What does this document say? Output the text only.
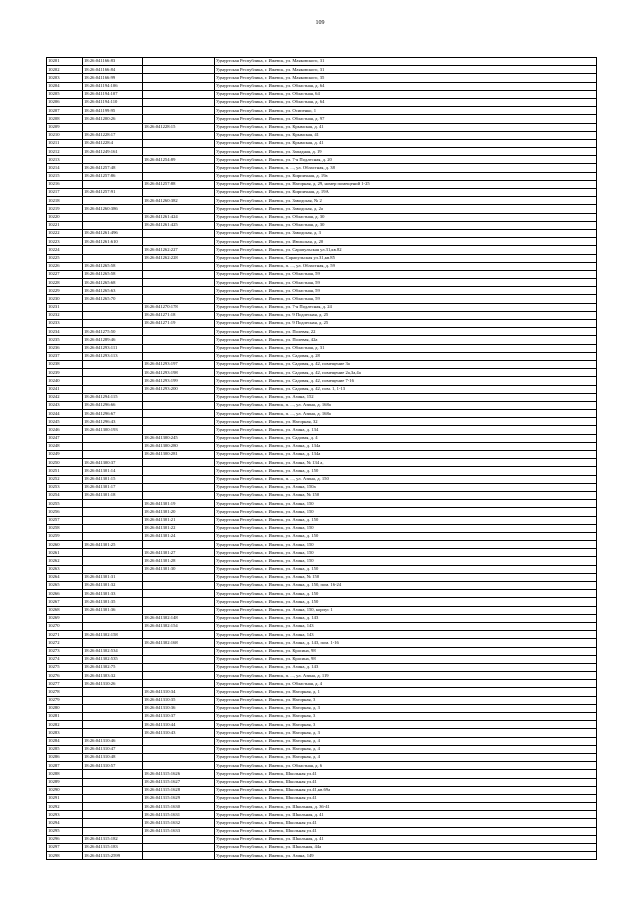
109
10201	18:26:041166:83		Удмуртская Республика, г. Ижевск, ул. Маяковского, 31
10202	18:26:041166:84		Удмуртская Республика, г. Ижевск, ул. Маяковского, 31
10203	18:26:041166:99		Удмуртская Республика, г. Ижевск, ул. Маяковского, 35
10204	18:26:041194:106		Удмуртская Республика, г. Ижевск, ул. Областная, д. 64
10205	18:26:041194:107		Удмуртская Республика, г. Ижевск, ул. Областная, 64
10206	18:26:041194:110		Удмуртская Республика, г. Ижевск, ул. Областная, д. 64
10207	18:26:041199:95		Удмуртская Республика, г. Ижевск, ул. Осипенко, 1
10208	18:26:041200:26		Удмуртская Республика, г. Ижевск, ул. Областная, д. 97
10209		18:26:041228:15	Удмуртская Республика, г. Ижевск, ул. Крымская, д. 41
10210	18:26:041228:17		Удмуртская Республика, г. Ижевск, ул. Крымская, 41
10211	18:26:041228:4		Удмуртская Республика, г. Ижевск, ул. Крымская, д. 41
10212	18:26:041249:161		Удмуртская Республика, г. Ижевск, ул. Западная, д. 19
10213		18:26:041254:89	Удмуртская Республика, г. Ижевск, ул. 7-я Подлесная, д. 20
10214	18:26:041257:48		Удмуртская Республика, г. Ижевск, п. ..., ул. Областная, д. 38
10215	18:26:041257:86		Удмуртская Республика, г. Ижевск, ул. Кирпичная, д. 19а
10216		18:26:041257:88	Удмуртская Республика, г. Ижевск, ул. Нагорная, д. 29, номер помещений 1-25
10217	18:26:041257:91		Удмуртская Республика, г. Ижевск, ул. Кирпичная, д. 19А
10218		18:26:041260:382	Удмуртская Республика, г. Ижевск, ул. Заводская, № 2
10219	18:26:041260:386		Удмуртская Республика, г. Ижевск, ул. Заводская, д. 2а
10220		18:26:041261:424	Удмуртская Республика, г. Ижевск, ул. Областная, д. 30
10221		18:26:041261:425	Удмуртская Республика, г. Ижевск, ул. Областная, д. 30
10222	18:26:041261:496		Удмуртская Республика, г. Ижевск, ул. Заводская, д. 3
10223	18:26:041261:610		Удмуртская Республика, г. Ижевск, ул. Июльская, д. 20
10224		18:26:041262:227	Удмуртская Республика, г. Ижевск, ул. Сарапульская ул.31,кв.82
10225		18:26:041262:228	Удмуртская Республика, г. Ижевск, Сарапульская ул.31,кв.85
10226	18:26:041265:58		Удмуртская Республика, г. Ижевск, п. ..., ул. Областная, д. 59
10227	18:26:041265:58		Удмуртская Республика, г. Ижевск, ул. Областная, 59
10228	18:26:041265:68		Удмуртская Республика, г. Ижевск, ул. Областная, 59
10229	18:26:041265:63		Удмуртская Республика, г. Ижевск, ул. Областная, 59
10230	18:26:041265:70		Удмуртская Республика, г. Ижевск, ул. Областная, 59
10231		18:26:041270:178	Удмуртская Республика, г. Ижевск, ул. 7-я Подлесная, д. 24
10232		18:26:041271:18	Удмуртская Республика, г. Ижевск, ул. 9 Подлесная, д. 25
10233		18:26:041271:19	Удмуртская Республика, г. Ижевск, ул. 9 Подлесная, д. 25
10234	18:26:041275:50		Удмуртская Республика, г. Ижевск, ул. Полевая, 22
10235	18:26:041289:46		Удмуртская Республика, г. Ижевск, ул. Полевая, 42а
10236	18:26:041293:111		Удмуртская Республика, г. Ижевск, ул. Областная, д. 31
10237	18:26:041293:113		Удмуртская Республика, г. Ижевск, ул. Садовая, д. 28
10238		18:26:041293:197	Удмуртская Республика, г. Ижевск, ул. Садовая, д. 42, помещение 3а
10239		18:26:041293:198	Удмуртская Республика, г. Ижевск, ул. Садовая, д. 42, помещение 2а,3а,4а
10240		18:26:041293:199	Удмуртская Республика, г. Ижевск, ул. Садовая, д. 42, помещение 7-16
10241		18:26:041293:200	Удмуртская Республика, г. Ижевск, ул. Садовая, д. 42, пом. 1, 1-13
10242	18:26:041294:115		Удмуртская Республика, г. Ижевск, ул. Азина, 152
10243	18:26:041296:66		Удмуртская Республика, г. Ижевск, п. ..., ул. Азина, д. 168а
10244	18:26:041296:67		Удмуртская Республика, г. Ижевск, п. ..., ул. Азина, д. 168а
10245	18:26:041296:43		Удмуртская Республика, г. Ижевск, ул. Нагорная, 32
10246	18:26:041300:193		Удмуртская Республика, г. Ижевск, ул. Азина, д. 134
10247		18:26:041300:245	Удмуртская Республика, г. Ижевск, ул. Садовая, д. 4
10248		18:26:041300:280	Удмуртская Республика, г. Ижевск, ул. Азина, д. 134а
10249		18:26:041300:281	Удмуртская Республика, г. Ижевск, ул. Азина, д. 134а
10250	18:26:041300:37		Удмуртская Республика, г. Ижевск, ул. Азина, № 134 а,
10251	18:26:041301:14		Удмуртская Республика, г. Ижевск, ул. Азина, д. 150
10252	18:26:041301:15		Удмуртская Республика, г. Ижевск, п. ..., ул. Азина, д. 150
10253	18:26:041301:17		Удмуртская Республика, г. Ижевск, ул. Азина, 150а
10254	18:26:041301:18		Удмуртская Республика, г. Ижевск, ул. Азина, № 150
10255		18:26:041301:19	Удмуртская Республика, г. Ижевск, ул. Азина, 150
10256		18:26:041301:20	Удмуртская Республика, г. Ижевск, ул. Азина, 150
10257		18:26:041301:21	Удмуртская Республика, г. Ижевск, ул. Азина, д. 150
10258		18:26:041301:22	Удмуртская Республика, г. Ижевск, ул. Азина, 150
10259		18:26:041301:24	Удмуртская Республика, г. Ижевск, ул. Азина, д. 150
10260	18:26:041301:25		Удмуртская Республика, г. Ижевск, ул. Азина, 150
10261		18:26:041301:27	Удмуртская Республика, г. Ижевск, ул. Азина, 150
10262		18:26:041301:28	Удмуртская Республика, г. Ижевск, ул. Азина, 150
10263		18:26:041301:30	Удмуртская Республика, г. Ижевск, ул. Азина, д. 150
10264	18:26:041301:31		Удмуртская Республика, г. Ижевск, ул. Азина, № 150
10265	18:26:041301:32		Удмуртская Республика, г. Ижевск, ул. Азина, д. 150, пом. 16-24
10266	18:26:041301:33		Удмуртская Республика, г. Ижевск, ул. Азина, д. 150
10267	18:26:041301:35		Удмуртская Республика, г. Ижевск, ул. Азина, д. 150
10268	18:26:041301:36		Удмуртская Республика, г. Ижевск, ул. Азина, 150, корпус 1
10269		18:26:041302:148	Удмуртская Республика, г. Ижевск, ул. Азина, д. 143
10270		18:26:041302:154	Удмуртская Республика, г. Ижевск, ул. Азина, 143
10271	18:26:041302:158		Удмуртская Республика, г. Ижевск, ул. Азина, 143
10272		18:26:041302:168	Удмуртская Республика, г. Ижевск, ул. Азина, д. 143, пом. 1-16
10273	18:26:041302:534		Удмуртская Республика, г. Ижевск, ул. Красина, 98
10274	18:26:041302:535		Удмуртская Республика, г. Ижевск, ул. Красина, 98
10275	18:26:041302:75		Удмуртская Республика, г. Ижевск, ул. Азина, д. 143
10276	18:26:041303:32		Удмуртская Республика, г. Ижевск, п. ..., ул. Азина, д. 119
10277	18:26:041310:26		Удмуртская Республика, г. Ижевск, ул. Областная, д. 4
10278		18:26:041310:34	Удмуртская Республика, г. Ижевск, ул. Нагорная, д. 1
10279		18:26:041310:35	Удмуртская Республика, г. Ижевск, ул. Нагорная, 3
10280		18:26:041310:36	Удмуртская Республика, г. Ижевск, ул. Нагорная, д. 3
10281		18:26:041310:37	Удмуртская Республика, г. Ижевск, ул. Нагорная, 3
10282		18:26:041310:44	Удмуртская Республика, г. Ижевск, ул. Нагорная, 3
10283		18:26:041310:43	Удмуртская Республика, г. Ижевск, ул. Нагорная, д. 3
10284	18:26:041310:46		Удмуртская Республика, г. Ижевск, ул. Нагорная, д. 4
10285	18:26:041310:47		Удмуртская Республика, г. Ижевск, ул. Нагорная, д. 4
10286	18:26:041310:48		Удмуртская Республика, г. Ижевск, ул. Нагорная, д. 4
10287	18:26:041310:57		Удмуртская Республика, г. Ижевск, ул. Областная, д. 6
10288		18:26:041315:1626	Удмуртская Республика, г. Ижевск, Школьная ул.41
10289		18:26:041315:1627	Удмуртская Республика, г. Ижевск, Школьная ул.41
10290		18:26:041315:1628	Удмуртская Республика, г. Ижевск, Школьная ул.41,кв.69а
10291		18:26:041315:1629	Удмуртская Республика, г. Ижевск, Школьная ул.41
10292		18:26:041315:1630	Удмуртская Республика, г. Ижевск, ул. Школьная, д. 36-41
10293		18:26:041315:1631	Удмуртская Республика, г. Ижевск, ул. Школьная, д. 41
10294		18:26:041315:1632	Удмуртская Республика, г. Ижевск, Школьная ул.41
10295		18:26:041315:1633	Удмуртская Республика, г. Ижевск, Школьная ул.41
10296	18:26:041315:182		Удмуртская Республика, г. Ижевск, ул. Школьная, д. 41
10297	18:26:041315:183		Удмуртская Республика, г. Ижевск, ул. Школьная, 44а
10298	18:26:041315:2599		Удмуртская Республика, г. Ижевск, ул. Азина, 149
